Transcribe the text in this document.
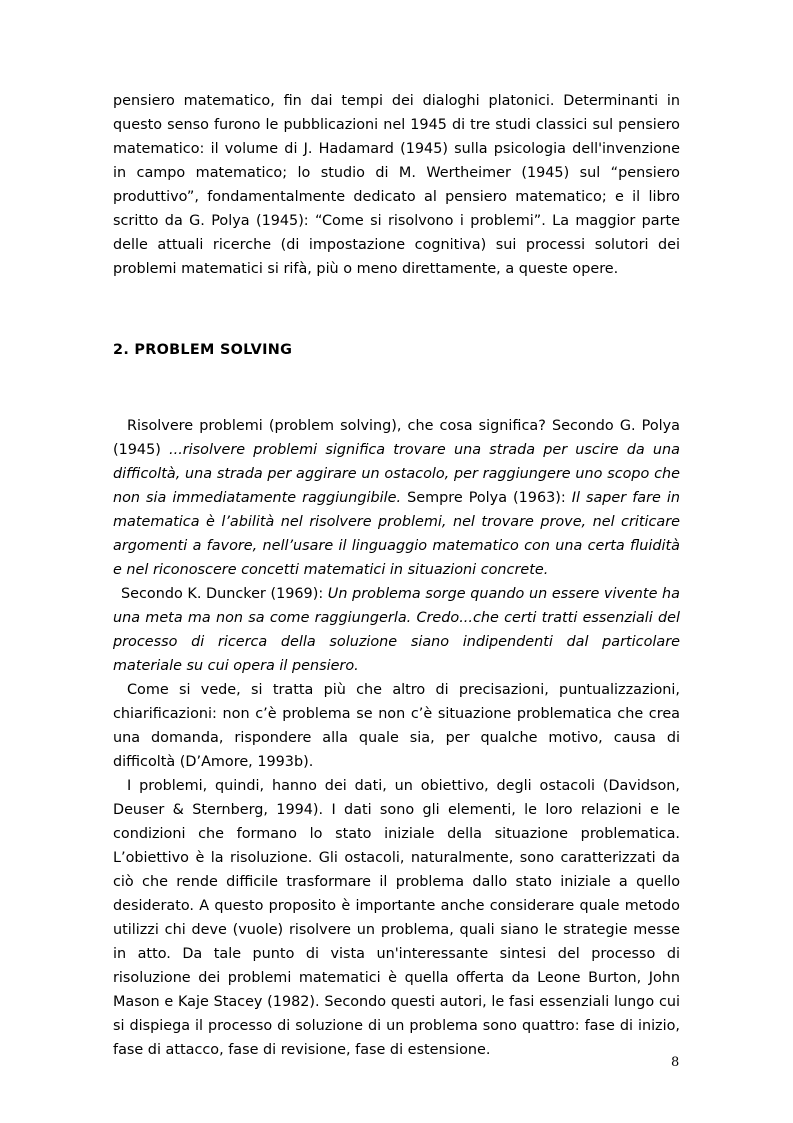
pensiero matematico, fin dai tempi dei dialoghi platonici. Determinanti in questo senso furono le pubblicazioni nel 1945 di tre studi classici sul pensiero matematico: il volume di J. Hadamard (1945) sulla psicologia dell'invenzione in campo matematico; lo studio di M. Wertheimer (1945) sul “pensiero produttivo”, fondamentalmente dedicato al pensiero matematico; e il libro scritto da G. Polya (1945): “Come si risolvono i problemi”. La maggior parte delle attuali ricerche (di impostazione cognitiva) sui processi solutori dei problemi matematici si rifà, più o meno direttamente, a queste opere.

2. PROBLEM SOLVING

Risolvere problemi (problem solving), che cosa significa? Secondo G. Polya (1945) ...risolvere problemi significa trovare una strada per uscire da una difficoltà, una strada per aggirare un ostacolo, per raggiungere uno scopo che non sia immediatamente raggiungibile. Sempre Polya (1963): Il saper fare in matematica è l’abilità nel risolvere problemi, nel trovare prove, nel criticare argomenti a favore, nell’usare il linguaggio matematico con una certa fluidità e nel riconoscere concetti matematici in situazioni concrete.

Secondo K. Duncker (1969): Un problema sorge quando un essere vivente ha una meta ma non sa come raggiungerla. Credo...che certi tratti essenziali del processo di ricerca della soluzione siano indipendenti dal particolare materiale su cui opera il pensiero.

Come si vede, si tratta più che altro di precisazioni, puntualizzazioni, chiarificazioni: non c’è problema se non c’è situazione problematica che crea una domanda, rispondere alla quale sia, per qualche motivo, causa di difficoltà (D’Amore, 1993b).

I problemi, quindi, hanno dei dati, un obiettivo, degli ostacoli (Davidson, Deuser & Sternberg, 1994). I dati sono gli elementi, le loro relazioni e le condizioni che formano lo stato iniziale della situazione problematica. L’obiettivo è la risoluzione. Gli ostacoli, naturalmente, sono caratterizzati da ciò che rende difficile trasformare il problema dallo stato iniziale a quello desiderato. A questo proposito è importante anche considerare quale metodo utilizzi chi deve (vuole) risolvere un problema, quali siano le strategie messe in atto. Da tale punto di vista un'interessante sintesi del processo di risoluzione dei problemi matematici è quella offerta da Leone Burton, John Mason e Kaje Stacey (1982). Secondo questi autori, le fasi essenziali lungo cui si dispiega il processo di soluzione di un problema sono quattro: fase di inizio, fase di attacco, fase di revisione, fase di estensione.

8
